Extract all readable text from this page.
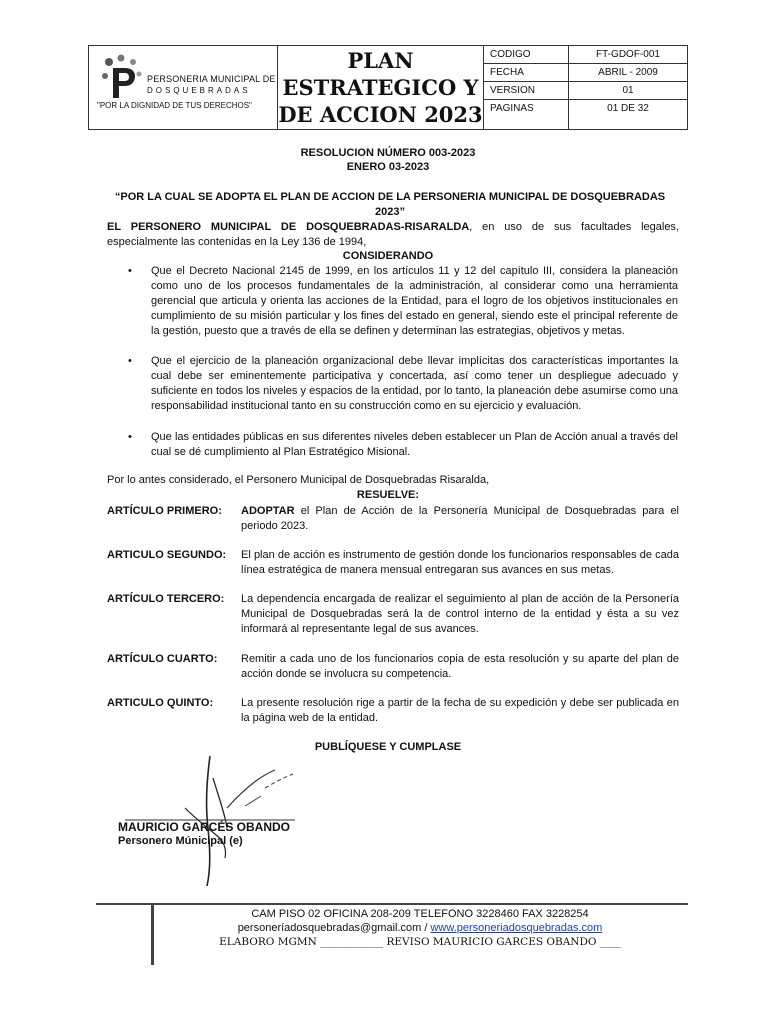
PERSONERIA MUNICIPAL DE
DOSQUEBRADAS
"POR LA DIGNIDAD DE TUS DERECHOS"
PLAN
ESTRATEGICO Y
DE ACCION 2023
CODIGO	FT-GDOF-001
FECHA	ABRIL - 2009
VERSION	01
PAGINAS	01 DE 32
RESOLUCION NÚMERO 003-2023
ENERO 03-2023
“POR LA CUAL SE ADOPTA EL PLAN DE ACCION DE LA PERSONERIA MUNICIPAL DE DOSQUEBRADAS 2023”
EL PERSONERO MUNICIPAL DE DOSQUEBRADAS-RISARALDA, en uso de sus facultades legales, especialmente las contenidas en la Ley 136 de 1994,
CONSIDERANDO
• Que el Decreto Nacional 2145 de 1999, en los artículos 11 y 12 del capítulo III, considera la planeación como uno de los procesos fundamentales de la administración, al considerar como una herramienta gerencial que articula y orienta las acciones de la Entidad, para el logro de los objetivos institucionales en cumplimiento de su misión particular y los fines del estado en general, siendo este el principal referente de la gestión, puesto que a través de ella se definen y determinan las estrategias, objetivos y metas.
• Que el ejercicio de la planeación organizacional debe llevar implícitas dos características importantes la cual debe ser eminentemente participativa y concertada, así como tener un despliegue adecuado y suficiente en todos los niveles y espacios de la entidad, por lo tanto, la planeación debe asumirse como una responsabilidad institucional tanto en su construcción como en su ejercicio y evaluación.
• Que las entidades públicas en sus diferentes niveles deben establecer un Plan de Acción anual a través del cual se dé cumplimiento al Plan Estratégico Misional.
Por lo antes considerado, el Personero Municipal de Dosquebradas Risaralda,
RESUELVE:
ARTÍCULO PRIMERO:	ADOPTAR el Plan de Acción de la Personería Municipal de Dosquebradas para el periodo 2023.
ARTICULO SEGUNDO:	El plan de acción es instrumento de gestión donde los funcionarios responsables de cada línea estratégica de manera mensual entregaran sus avances en sus metas.
ARTÍCULO TERCERO:	La dependencia encargada de realizar el seguimiento al plan de acción de la Personería Municipal de Dosquebradas será la de control interno de la entidad y ésta a su vez informará al representante legal de sus avances.
ARTÍCULO CUARTO:	Remitir a cada uno de los funcionarios copia de esta resolución y su aparte del plan de acción donde se involucra su competencia.
ARTICULO QUINTO:	La presente resolución rige a partir de la fecha de su expedición y debe ser publicada en la página web de la entidad.
PUBLÍQUESE Y CUMPLASE
MAURICIO GARCÉS OBANDO
Personero Múnicipal (e)
CAM PISO 02 OFICINA 208-209 TELEFONO 3228460 FAX 3228254
personeríadosquebradas@gmail.com / www.personeriadosquebradas.com
ELABORO MGMN ____________ REVISO MAURICIO GARCES OBANDO ____
